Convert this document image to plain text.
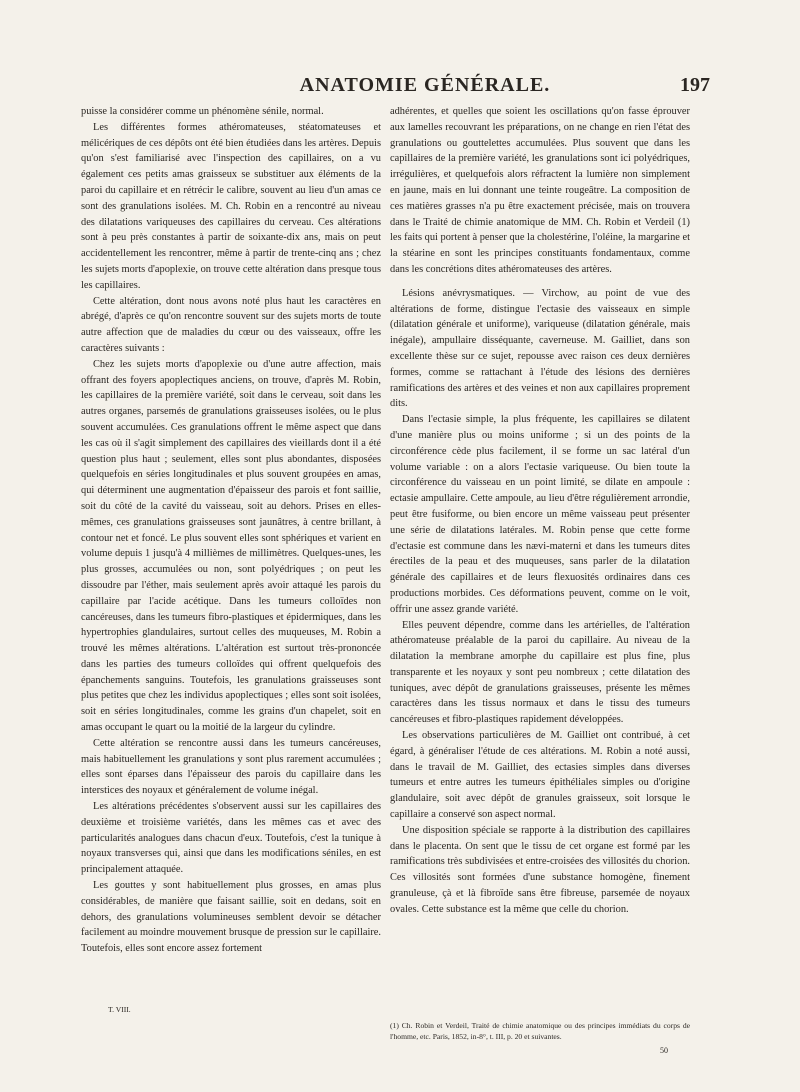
ANATOMIE GÉNÉRALE.	197

puisse la considérer comme un phénomène sénile, normal.

Les différentes formes athéromateuses, stéatomateuses et mélicériques de ces dépôts ont été bien étudiées dans les artères. Depuis qu'on s'est familiarisé avec l'inspection des capillaires, on a vu également ces petits amas graisseux se substituer aux éléments de la paroi du capillaire et en rétrécir le calibre, souvent au lieu d'un amas ce sont des granulations isolées. M. Ch. Robin en a rencontré au niveau des dilatations variqueuses des capillaires du cerveau. Ces altérations sont à peu près constantes à partir de soixante-dix ans, mais on peut accidentellement les rencontrer, même à partir de trente-cinq ans ; chez les sujets morts d'apoplexie, on trouve cette altération dans presque tous les capillaires.

Cette altération, dont nous avons noté plus haut les caractères en abrégé, d'après ce qu'on rencontre souvent sur des sujets morts de toute autre affection que de maladies du cœur ou des vaisseaux, offre les caractères suivants :

Chez les sujets morts d'apoplexie ou d'une autre affection, mais offrant des foyers apoplectiques anciens, on trouve, d'après M. Robin, les capillaires de la première variété, soit dans le cerveau, soit dans les autres organes, parsemés de granulations graisseuses isolées, ou le plus souvent accumulées. Ces granulations offrent le même aspect que dans les cas où il s'agit simplement des capillaires des vieillards dont il a été question plus haut ; seulement, elles sont plus abondantes, disposées quelquefois en séries longitudinales et plus souvent groupées en amas, qui déterminent une augmentation d'épaisseur des parois et font saillie, soit du côté de la cavité du vaisseau, soit au dehors. Prises en elles-mêmes, ces granulations graisseuses sont jaunâtres, à centre brillant, à contour net et foncé. Le plus souvent elles sont sphériques et varient en volume depuis 1 jusqu'à 4 millièmes de millimètres. Quelques-unes, les plus grosses, accumulées ou non, sont polyédriques ; on peut les dissoudre par l'éther, mais seulement après avoir attaqué les parois du capillaire par l'acide acétique. Dans les tumeurs colloïdes non cancéreuses, dans les tumeurs fibro-plastiques et épidermiques, dans les hypertrophies glandulaires, surtout celles des muqueuses, M. Robin a trouvé les mêmes altérations. L'altération est surtout très-prononcée dans les parties des tumeurs colloïdes qui offrent quelquefois des épanchements sanguins. Toutefois, les granulations graisseuses sont plus petites que chez les individus apoplectiques ; elles sont soit isolées, soit en séries longitudinales, comme les grains d'un chapelet, soit en amas occupant le quart ou la moitié de la largeur du cylindre.

Cette altération se rencontre aussi dans les tumeurs cancéreuses, mais habituellement les granulations y sont plus rarement accumulées ; elles sont éparses dans l'épaisseur des parois du capillaire dans les interstices des noyaux et généralement de volume inégal.

Les altérations précédentes s'observent aussi sur les capillaires des deuxième et troisième variétés, dans les mêmes cas et avec des particularités analogues dans chacun d'eux. Toutefois, c'est la tunique à noyaux transverses qui, ainsi que dans les modifications séniles, en est principalement attaquée.

Les gouttes y sont habituellement plus grosses, en amas plus considérables, de manière que faisant saillie, soit en dedans, soit en dehors, des granulations volumineuses semblent devoir se détacher facilement au moindre mouvement brusque de pression sur le capillaire. Toutefois, elles sont encore assez fortement

adhérentes, et quelles que soient les oscillations qu'on fasse éprouver aux lamelles recouvrant les préparations, on ne change en rien l'état des granulations ou gouttelettes accumulées. Plus souvent que dans les capillaires de la première variété, les granulations sont ici polyédriques, irrégulières, et quelquefois alors réfractent la lumière non simplement en jaune, mais en lui donnant une teinte rougeâtre. La composition de ces matières grasses n'a pu être exactement précisée, mais on trouvera dans le Traité de chimie anatomique de MM. Ch. Robin et Verdeil (1) les faits qui portent à penser que la cholestérine, l'oléine, la margarine et la stéarine en sont les principes constituants fondamentaux, comme dans les concrétions dites athéromateuses des artères.

Lésions anévrysmatiques. — Virchow, au point de vue des altérations de forme, distingue l'ectasie des vaisseaux en simple (dilatation générale et uniforme), variqueuse (dilatation générale, mais inégale), ampullaire disséquante, caverneuse. M. Gailliet, dans son excellente thèse sur ce sujet, repousse avec raison ces deux dernières formes, comme se rattachant à l'étude des lésions des dernières ramifications des artères et des veines et non aux capillaires proprement dits.

Dans l'ectasie simple, la plus fréquente, les capillaires se dilatent d'une manière plus ou moins uniforme ; si un des points de la circonférence cède plus facilement, il se forme un sac latéral d'un volume variable : on a alors l'ectasie variqueuse. Ou bien toute la circonférence du vaisseau en un point limité, se dilate en ampoule : ectasie ampullaire. Cette ampoule, au lieu d'être régulièrement arrondie, peut être fusiforme, ou bien encore un même vaisseau peut présenter une série de dilatations latérales. M. Robin pense que cette forme d'ectasie est commune dans les nævi-materni et dans les tumeurs dites érectiles de la peau et des muqueuses, sans parler de la dilatation générale des capillaires et de leurs flexuosités ordinaires dans ces productions morbides. Ces déformations peuvent, comme on le voit, offrir une assez grande variété.

Elles peuvent dépendre, comme dans les artérielles, de l'altération athéromateuse préalable de la paroi du capillaire. Au niveau de la dilatation la membrane amorphe du capillaire est plus fine, plus transparente et les noyaux y sont peu nombreux ; cette dilatation des tuniques, avec dépôt de granulations graisseuses, présente les mêmes caractères dans les tissus normaux et dans le tissu des tumeurs cancéreuses et fibro-plastiques rapidement développées.

Les observations particulières de M. Gailliet ont contribué, à cet égard, à généraliser l'étude de ces altérations. M. Robin a noté aussi, dans le travail de M. Gailliet, des ectasies simples dans diverses tumeurs et entre autres les tumeurs épithéliales simples ou d'origine glandulaire, soit avec dépôt de granules graisseux, soit lorsque le capillaire a conservé son aspect normal.

Une disposition spéciale se rapporte à la distribution des capillaires dans le placenta. On sent que le tissu de cet organe est formé par les ramifications très subdivisées et entre-croisées des villosités du chorion. Ces villosités sont formées d'une substance homogène, finement granuleuse, çà et là fibroïde sans être fibreuse, parsemée de noyaux ovales. Cette substance est la même que celle du chorion.

(1) Ch. Robin et Verdeil, Traité de chimie anatomique ou des principes immédiats du corps de l'homme, etc. Paris, 1852, in-8°, t. III, p. 20 et suivantes.
T. VIII.
50
